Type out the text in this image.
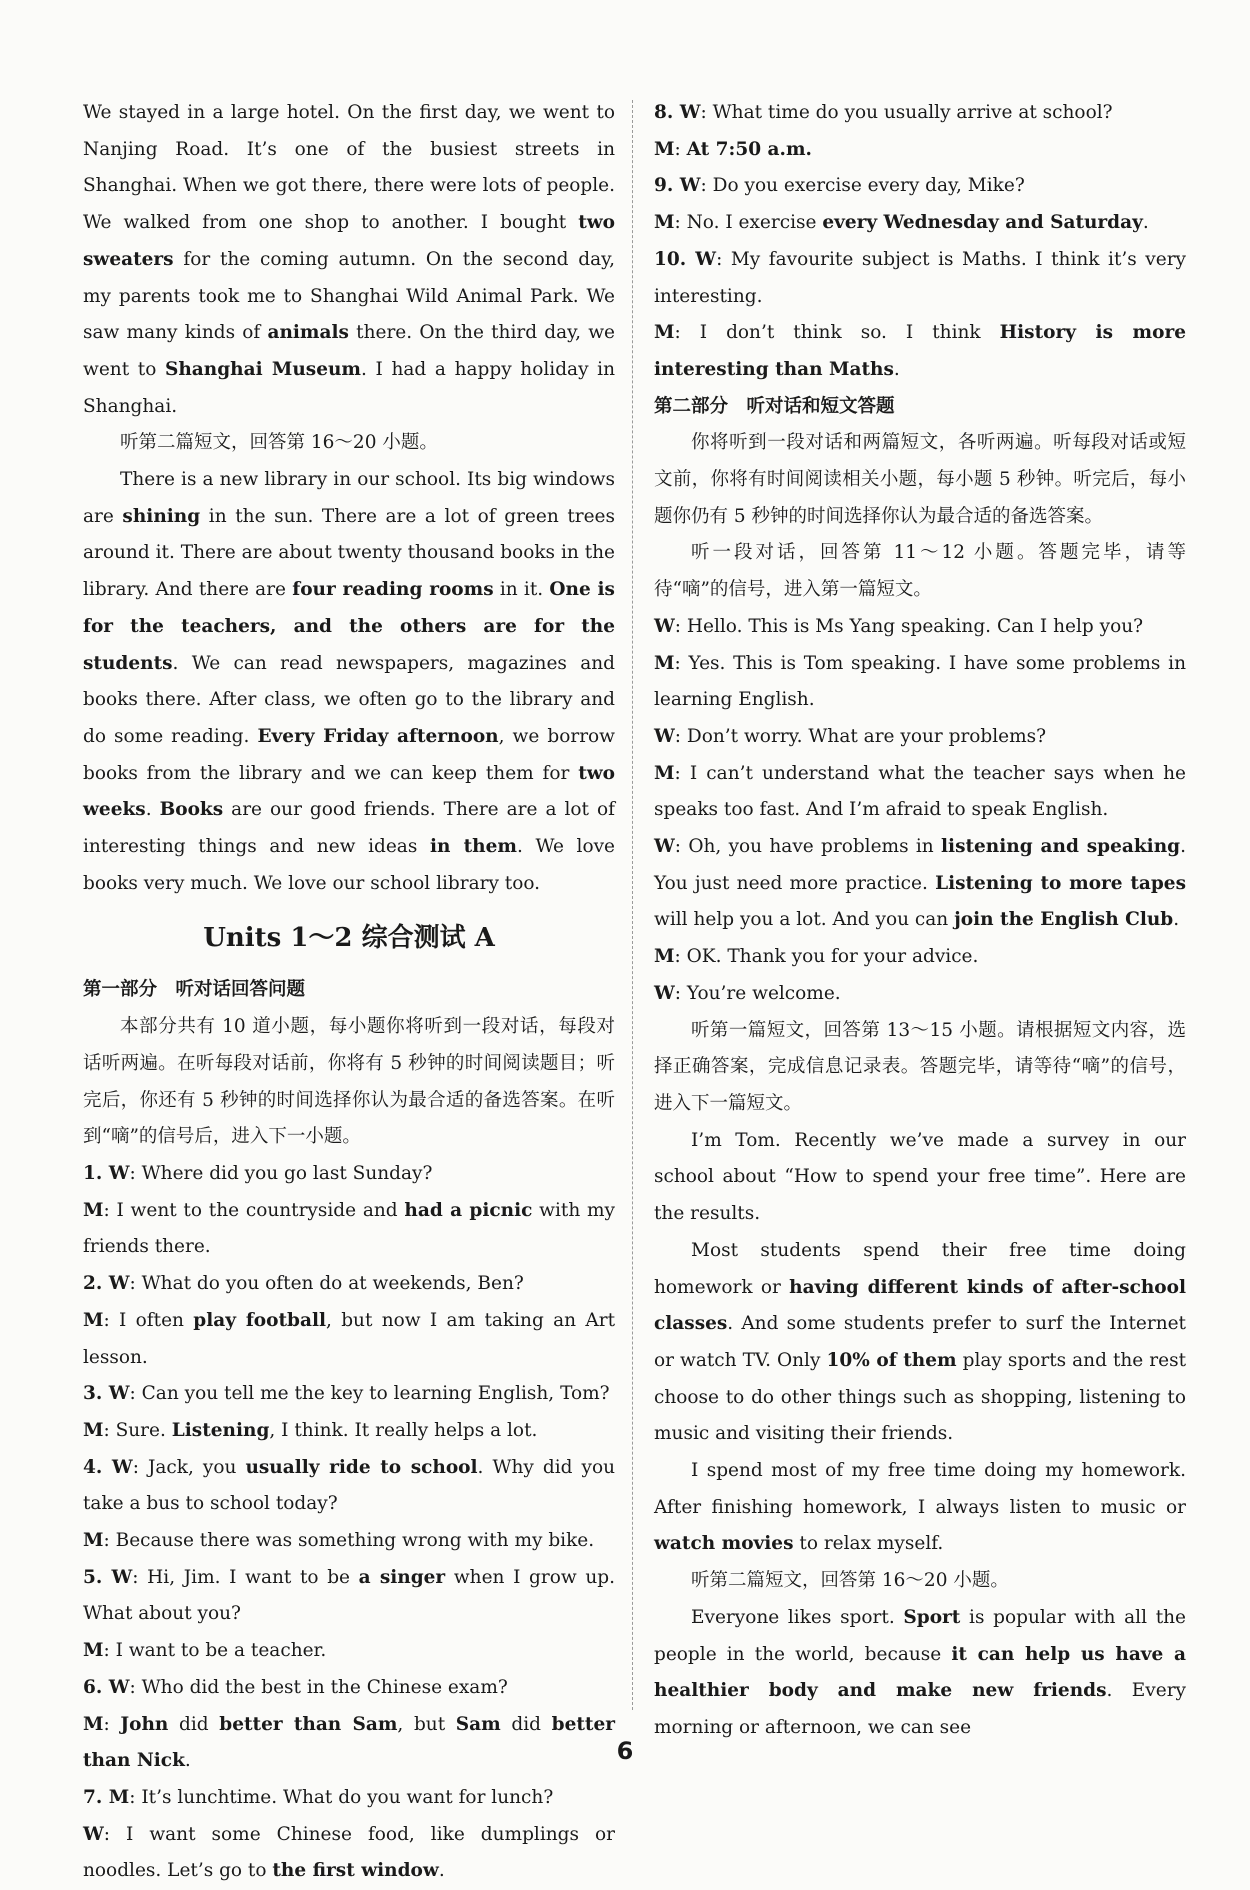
We stayed in a large hotel. On the first day, we went to Nanjing Road. It’s one of the busiest streets in Shanghai. When we got there, there were lots of people. We walked from one shop to another. I bought two sweaters for the coming autumn. On the second day, my parents took me to Shanghai Wild Animal Park. We saw many kinds of animals there. On the third day, we went to Shanghai Museum. I had a happy holiday in Shanghai.

听第二篇短文，回答第 16～20 小题。

There is a new library in our school. Its big windows are shining in the sun. There are a lot of green trees around it. There are about twenty thousand books in the library. And there are four reading rooms in it. One is for the teachers, and the others are for the students. We can read newspapers, magazines and books there. After class, we often go to the library and do some reading. Every Friday afternoon, we borrow books from the library and we can keep them for two weeks. Books are our good friends. There are a lot of interesting things and new ideas in them. We love books very much. We love our school library too.

Units 1～2 综合测试 A

第一部分　听对话回答问题

本部分共有 10 道小题，每小题你将听到一段对话，每段对话听两遍。在听每段对话前，你将有 5 秒钟的时间阅读题目；听完后，你还有 5 秒钟的时间选择你认为最合适的备选答案。在听到“嘀”的信号后，进入下一小题。

1. W: Where did you go last Sunday?

M: I went to the countryside and had a picnic with my friends there.

2. W: What do you often do at weekends, Ben?

M: I often play football, but now I am taking an Art lesson.

3. W: Can you tell me the key to learning English, Tom?

M: Sure. Listening, I think. It really helps a lot.

4. W: Jack, you usually ride to school. Why did you take a bus to school today?

M: Because there was something wrong with my bike.

5. W: Hi, Jim. I want to be a singer when I grow up. What about you?

M: I want to be a teacher.

6. W: Who did the best in the Chinese exam?

M: John did better than Sam, but Sam did better than Nick.

7. M: It’s lunchtime. What do you want for lunch?

W: I want some Chinese food, like dumplings or noodles. Let’s go to the first window.

8. W: What time do you usually arrive at school?

M: At 7:50 a.m.

9. W: Do you exercise every day, Mike?

M: No. I exercise every Wednesday and Saturday.

10. W: My favourite subject is Maths. I think it’s very interesting.

M: I don’t think so. I think History is more interesting than Maths.

第二部分　听对话和短文答题

你将听到一段对话和两篇短文，各听两遍。听每段对话或短文前，你将有时间阅读相关小题，每小题 5 秒钟。听完后，每小题你仍有 5 秒钟的时间选择你认为最合适的备选答案。

听一段对话，回答第 11～12 小题。答题完毕，请等待“嘀”的信号，进入第一篇短文。

W: Hello. This is Ms Yang speaking. Can I help you?

M: Yes. This is Tom speaking. I have some problems in learning English.

W: Don’t worry. What are your problems?

M: I can’t understand what the teacher says when he speaks too fast. And I’m afraid to speak English.

W: Oh, you have problems in listening and speaking. You just need more practice. Listening to more tapes will help you a lot. And you can join the English Club.

M: OK. Thank you for your advice.

W: You’re welcome.

听第一篇短文，回答第 13～15 小题。请根据短文内容，选择正确答案，完成信息记录表。答题完毕，请等待“嘀”的信号，进入下一篇短文。

I’m Tom. Recently we’ve made a survey in our school about “How to spend your free time”. Here are the results.

Most students spend their free time doing homework or having different kinds of after-school classes. And some students prefer to surf the Internet or watch TV. Only 10% of them play sports and the rest choose to do other things such as shopping, listening to music and visiting their friends.

I spend most of my free time doing my homework. After finishing homework, I always listen to music or watch movies to relax myself.

听第二篇短文，回答第 16～20 小题。

Everyone likes sport. Sport is popular with all the people in the world, because it can help us have a healthier body and make new friends. Every morning or afternoon, we can see

6
